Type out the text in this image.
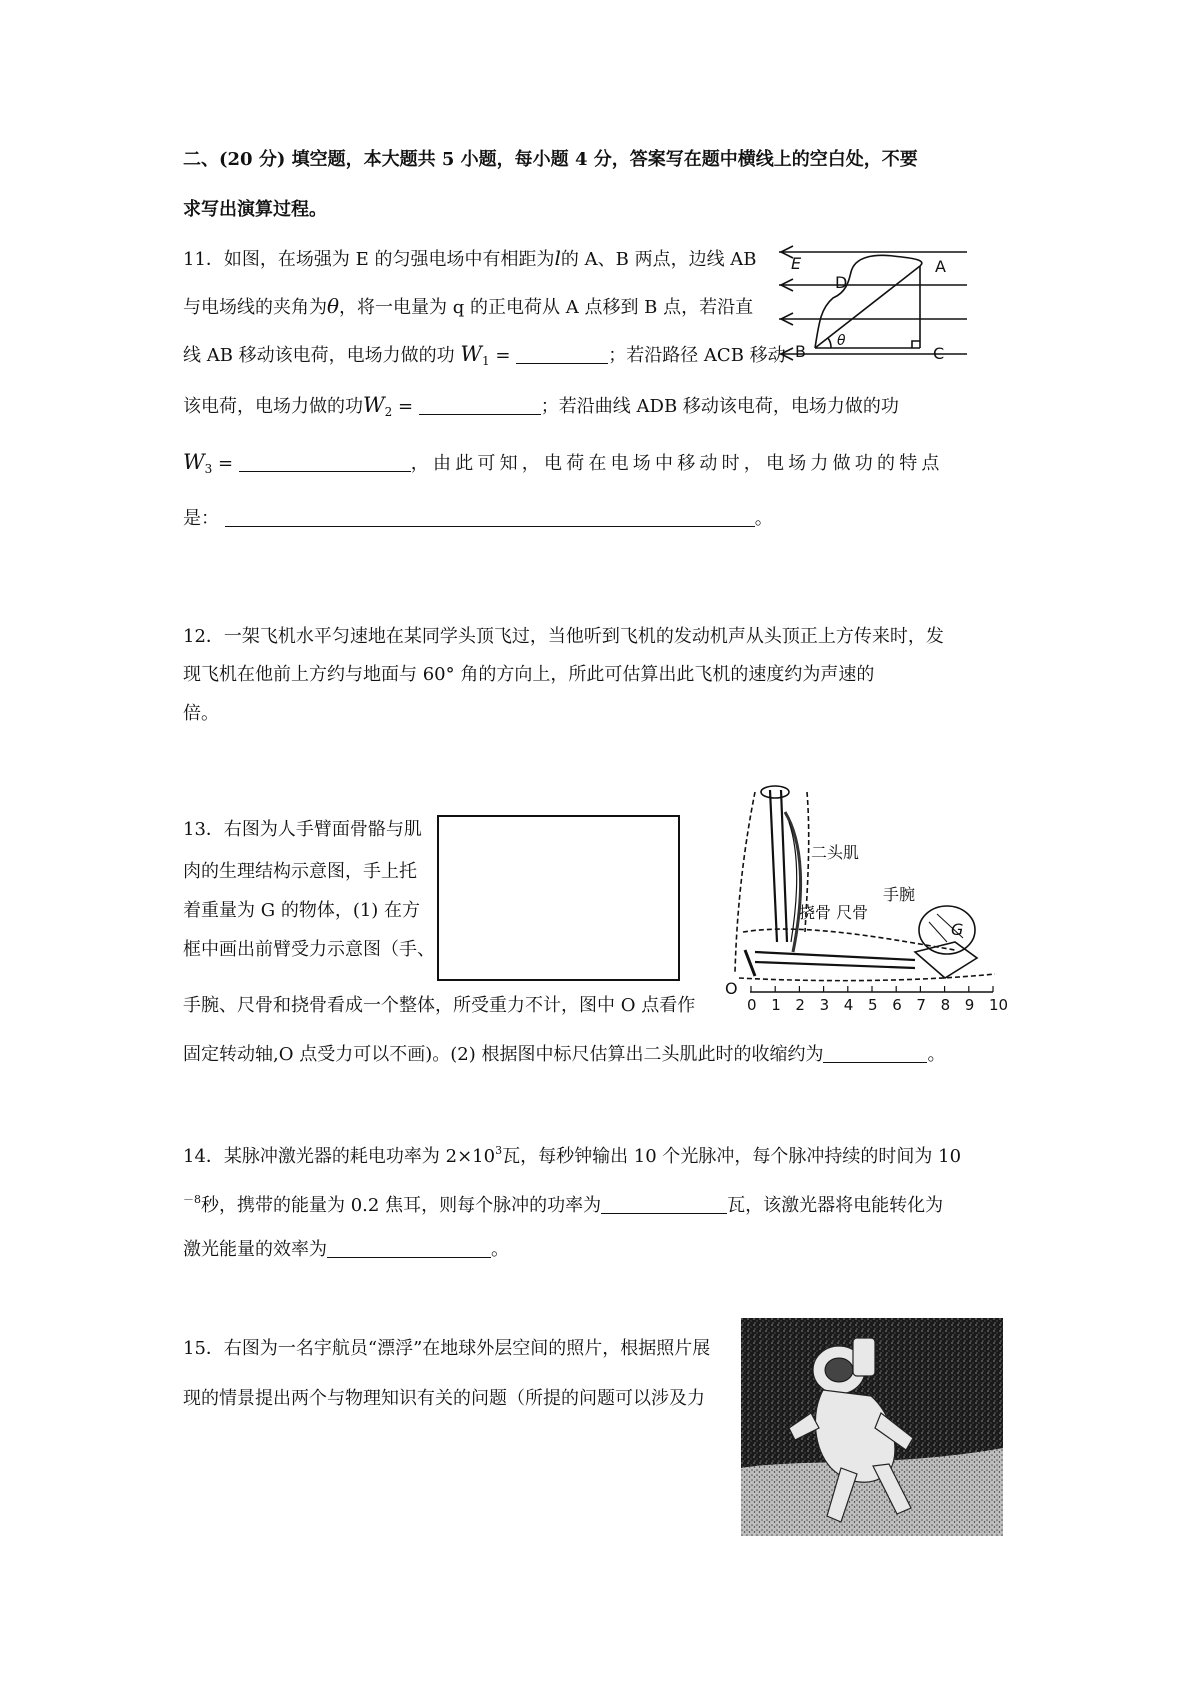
二、(20 分) 填空题，本大题共 5 小题，每小题 4 分，答案写在题中横线上的空白处，不要
求写出演算过程。
11．如图，在场强为 E 的匀强电场中有相距为l的 A、B 两点，边线 AB
与电场线的夹角为θ，将一电量为 q 的正电荷从 A 点移到 B 点，若沿直
线 AB 移动该电荷，电场力做的功 $W_1$ =	；若沿路径 ACB 移动
该电荷，电场力做的功$W_2$ =	；若沿曲线 ADB 移动该电荷，电场力做的功
$W_3$ =	，由此可知，电荷在电场中移动时，电场力做功的特点
是：	。
E
D
A
B	C
θ
12．一架飞机水平匀速地在某同学头顶飞过，当他听到飞机的发动机声从头顶正上方传来时，发
现飞机在他前上方约与地面与 60° 角的方向上，所此可估算出此飞机的速度约为声速的
倍。
13．右图为人手臂面骨骼与肌
肉的生理结构示意图，手上托
着重量为 G 的物体，(1) 在方
框中画出前臂受力示意图（手、
手腕、尺骨和挠骨看成一个整体，所受重力不计，图中 O 点看作
固定转动轴,O 点受力可以不画)。(2) 根据图中标尺估算出二头肌此时的收缩约为	。
二头肌
手腕
挠骨 尺骨
G
O
0 1 2 3 4 5 6 7 8 9 10
14．某脉冲激光器的耗电功率为 $2\times 10^3$瓦，每秒钟输出 10 个光脉冲，每个脉冲持续的时间为 10
$^{-8}$秒，携带的能量为 0.2 焦耳，则每个脉冲的功率为	瓦，该激光器将电能转化为
激光能量的效率为	。
15．右图为一名宇航员“漂浮”在地球外层空间的照片，根据照片展
现的情景提出两个与物理知识有关的问题（所提的问题可以涉及力
